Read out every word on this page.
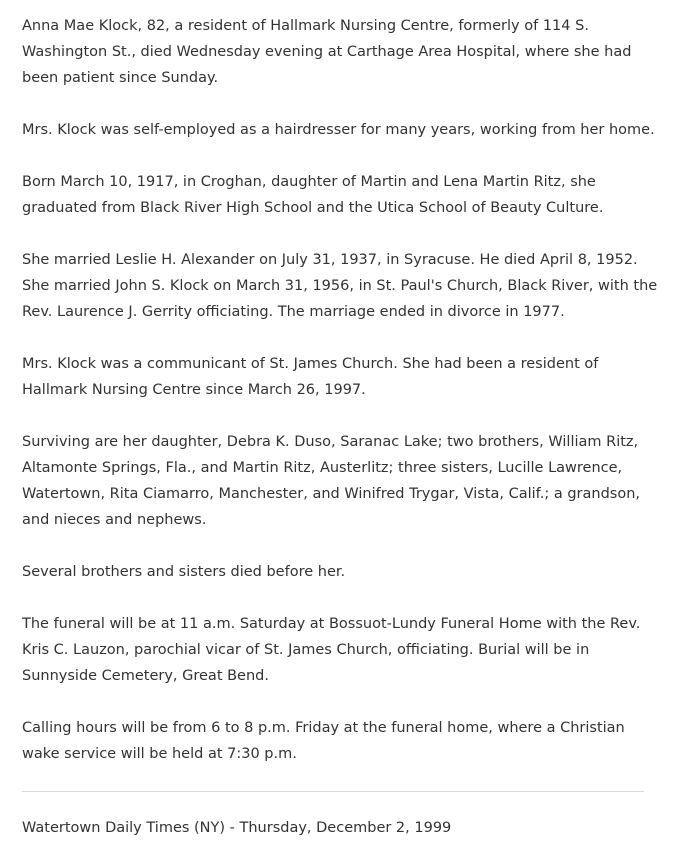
Anna Mae Klock, 82, a resident of Hallmark Nursing Centre, formerly of 114 S. Washington St., died Wednesday evening at Carthage Area Hospital, where she had been patient since Sunday.

Mrs. Klock was self-employed as a hairdresser for many years, working from her home.

Born March 10, 1917, in Croghan, daughter of Martin and Lena Martin Ritz, she graduated from Black River High School and the Utica School of Beauty Culture.

She married Leslie H. Alexander on July 31, 1937, in Syracuse. He died April 8, 1952. She married John S. Klock on March 31, 1956, in St. Paul's Church, Black River, with the Rev. Laurence J. Gerrity officiating. The marriage ended in divorce in 1977.

Mrs. Klock was a communicant of St. James Church. She had been a resident of Hallmark Nursing Centre since March 26, 1997.

Surviving are her daughter, Debra K. Duso, Saranac Lake; two brothers, William Ritz, Altamonte Springs, Fla., and Martin Ritz, Austerlitz; three sisters, Lucille Lawrence, Watertown, Rita Ciamarro, Manchester, and Winifred Trygar, Vista, Calif.; a grandson, and nieces and nephews.

Several brothers and sisters died before her.

The funeral will be at 11 a.m. Saturday at Bossuot-Lundy Funeral Home with the Rev. Kris C. Lauzon, parochial vicar of St. James Church, officiating. Burial will be in Sunnyside Cemetery, Great Bend.

Calling hours will be from 6 to 8 p.m. Friday at the funeral home, where a Christian wake service will be held at 7:30 p.m.

Watertown Daily Times (NY) - Thursday, December 2, 1999
